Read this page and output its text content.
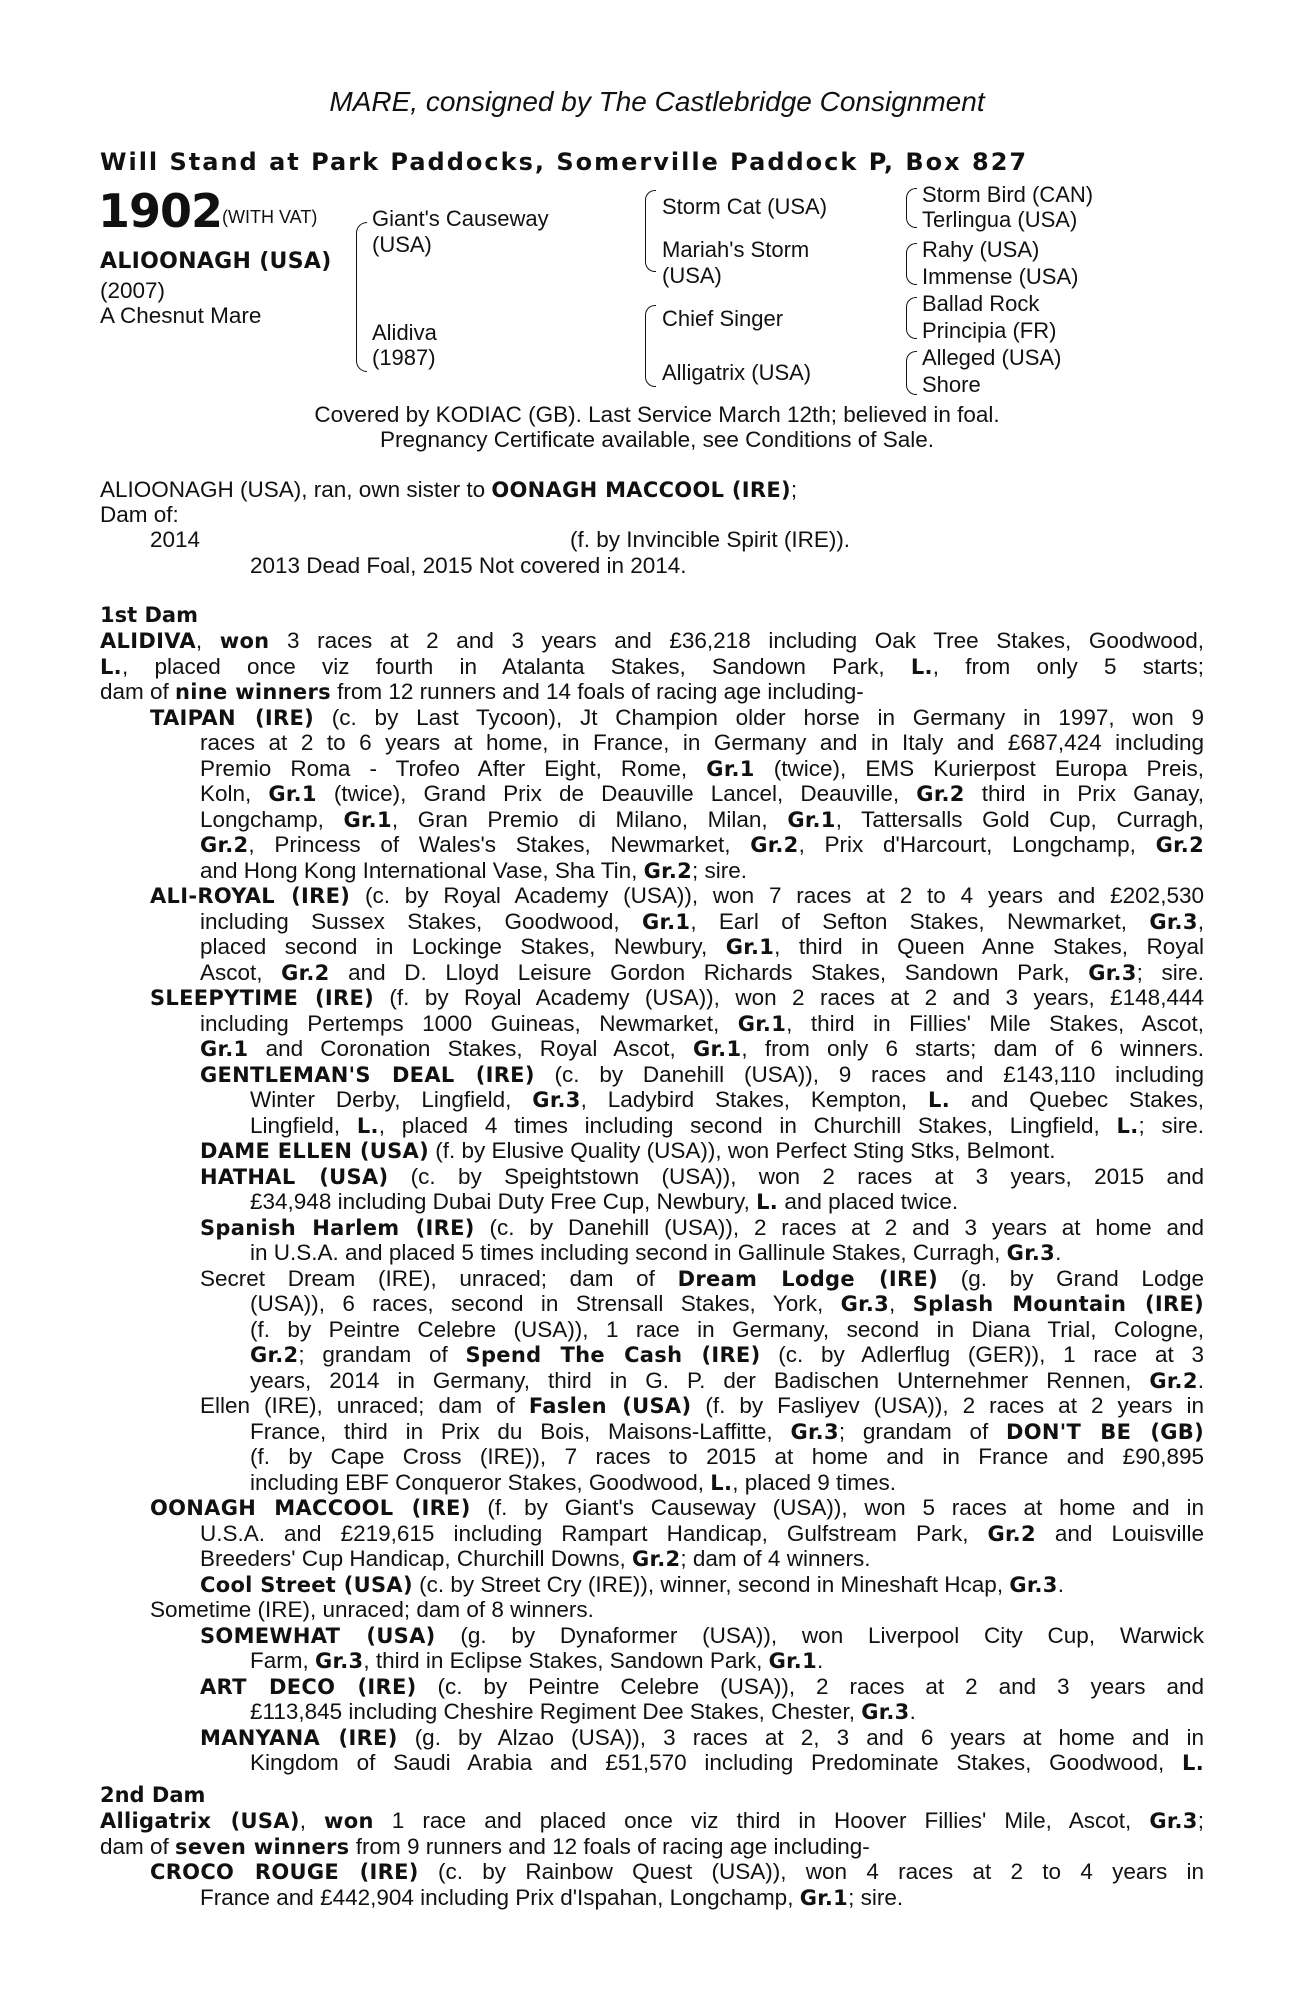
MARE, consigned by The Castlebridge Consignment
Will Stand at Park Paddocks, Somerville Paddock P, Box 827
1902 (WITH VAT)
ALIOONAGH (USA)
(2007)
A Chesnut Mare
Giant's Causeway
(USA)
Alidiva
(1987)
Storm Cat (USA)
Mariah's Storm
(USA)
Chief Singer
Alligatrix (USA)
Storm Bird (CAN)
Terlingua (USA)
Rahy (USA)
Immense (USA)
Ballad Rock
Principia (FR)
Alleged (USA)
Shore
Covered by KODIAC (GB). Last Service March 12th; believed in foal.
Pregnancy Certificate available, see Conditions of Sale.
ALIOONAGH (USA), ran, own sister to OONAGH MACCOOL (IRE);
Dam of:
2014	(f. by Invincible Spirit (IRE)).
2013 Dead Foal, 2015 Not covered in 2014.
1st Dam
ALIDIVA, won 3 races at 2 and 3 years and £36,218 including Oak Tree Stakes, Goodwood,
L., placed once viz fourth in Atalanta Stakes, Sandown Park, L., from only 5 starts;
dam of nine winners from 12 runners and 14 foals of racing age including-
TAIPAN (IRE) (c. by Last Tycoon), Jt Champion older horse in Germany in 1997, won 9
races at 2 to 6 years at home, in France, in Germany and in Italy and £687,424 including
Premio Roma - Trofeo After Eight, Rome, Gr.1 (twice), EMS Kurierpost Europa Preis,
Koln, Gr.1 (twice), Grand Prix de Deauville Lancel, Deauville, Gr.2 third in Prix Ganay,
Longchamp, Gr.1, Gran Premio di Milano, Milan, Gr.1, Tattersalls Gold Cup, Curragh,
Gr.2, Princess of Wales's Stakes, Newmarket, Gr.2, Prix d'Harcourt, Longchamp, Gr.2
and Hong Kong International Vase, Sha Tin, Gr.2; sire.
ALI-ROYAL (IRE) (c. by Royal Academy (USA)), won 7 races at 2 to 4 years and £202,530
including Sussex Stakes, Goodwood, Gr.1, Earl of Sefton Stakes, Newmarket, Gr.3,
placed second in Lockinge Stakes, Newbury, Gr.1, third in Queen Anne Stakes, Royal
Ascot, Gr.2 and D. Lloyd Leisure Gordon Richards Stakes, Sandown Park, Gr.3; sire.
SLEEPYTIME (IRE) (f. by Royal Academy (USA)), won 2 races at 2 and 3 years, £148,444
including Pertemps 1000 Guineas, Newmarket, Gr.1, third in Fillies' Mile Stakes, Ascot,
Gr.1 and Coronation Stakes, Royal Ascot, Gr.1, from only 6 starts; dam of 6 winners.
GENTLEMAN'S DEAL (IRE) (c. by Danehill (USA)), 9 races and £143,110 including
Winter Derby, Lingfield, Gr.3, Ladybird Stakes, Kempton, L. and Quebec Stakes,
Lingfield, L., placed 4 times including second in Churchill Stakes, Lingfield, L.; sire.
DAME ELLEN (USA) (f. by Elusive Quality (USA)), won Perfect Sting Stks, Belmont.
HATHAL (USA) (c. by Speightstown (USA)), won 2 races at 3 years, 2015 and
£34,948 including Dubai Duty Free Cup, Newbury, L. and placed twice.
Spanish Harlem (IRE) (c. by Danehill (USA)), 2 races at 2 and 3 years at home and
in U.S.A. and placed 5 times including second in Gallinule Stakes, Curragh, Gr.3.
Secret Dream (IRE), unraced; dam of Dream Lodge (IRE) (g. by Grand Lodge
(USA)), 6 races, second in Strensall Stakes, York, Gr.3, Splash Mountain (IRE)
(f. by Peintre Celebre (USA)), 1 race in Germany, second in Diana Trial, Cologne,
Gr.2; grandam of Spend The Cash (IRE) (c. by Adlerflug (GER)), 1 race at 3
years, 2014 in Germany, third in G. P. der Badischen Unternehmer Rennen, Gr.2.
Ellen (IRE), unraced; dam of Faslen (USA) (f. by Fasliyev (USA)), 2 races at 2 years in
France, third in Prix du Bois, Maisons-Laffitte, Gr.3; grandam of DON'T BE (GB)
(f. by Cape Cross (IRE)), 7 races to 2015 at home and in France and £90,895
including EBF Conqueror Stakes, Goodwood, L., placed 9 times.
OONAGH MACCOOL (IRE) (f. by Giant's Causeway (USA)), won 5 races at home and in
U.S.A. and £219,615 including Rampart Handicap, Gulfstream Park, Gr.2 and Louisville
Breeders' Cup Handicap, Churchill Downs, Gr.2; dam of 4 winners.
Cool Street (USA) (c. by Street Cry (IRE)), winner, second in Mineshaft Hcap, Gr.3.
Sometime (IRE), unraced; dam of 8 winners.
SOMEWHAT (USA) (g. by Dynaformer (USA)), won Liverpool City Cup, Warwick
Farm, Gr.3, third in Eclipse Stakes, Sandown Park, Gr.1.
ART DECO (IRE) (c. by Peintre Celebre (USA)), 2 races at 2 and 3 years and
£113,845 including Cheshire Regiment Dee Stakes, Chester, Gr.3.
MANYANA (IRE) (g. by Alzao (USA)), 3 races at 2, 3 and 6 years at home and in
Kingdom of Saudi Arabia and £51,570 including Predominate Stakes, Goodwood, L.
2nd Dam
Alligatrix (USA), won 1 race and placed once viz third in Hoover Fillies' Mile, Ascot, Gr.3;
dam of seven winners from 9 runners and 12 foals of racing age including-
CROCO ROUGE (IRE) (c. by Rainbow Quest (USA)), won 4 races at 2 to 4 years in
France and £442,904 including Prix d'Ispahan, Longchamp, Gr.1; sire.
